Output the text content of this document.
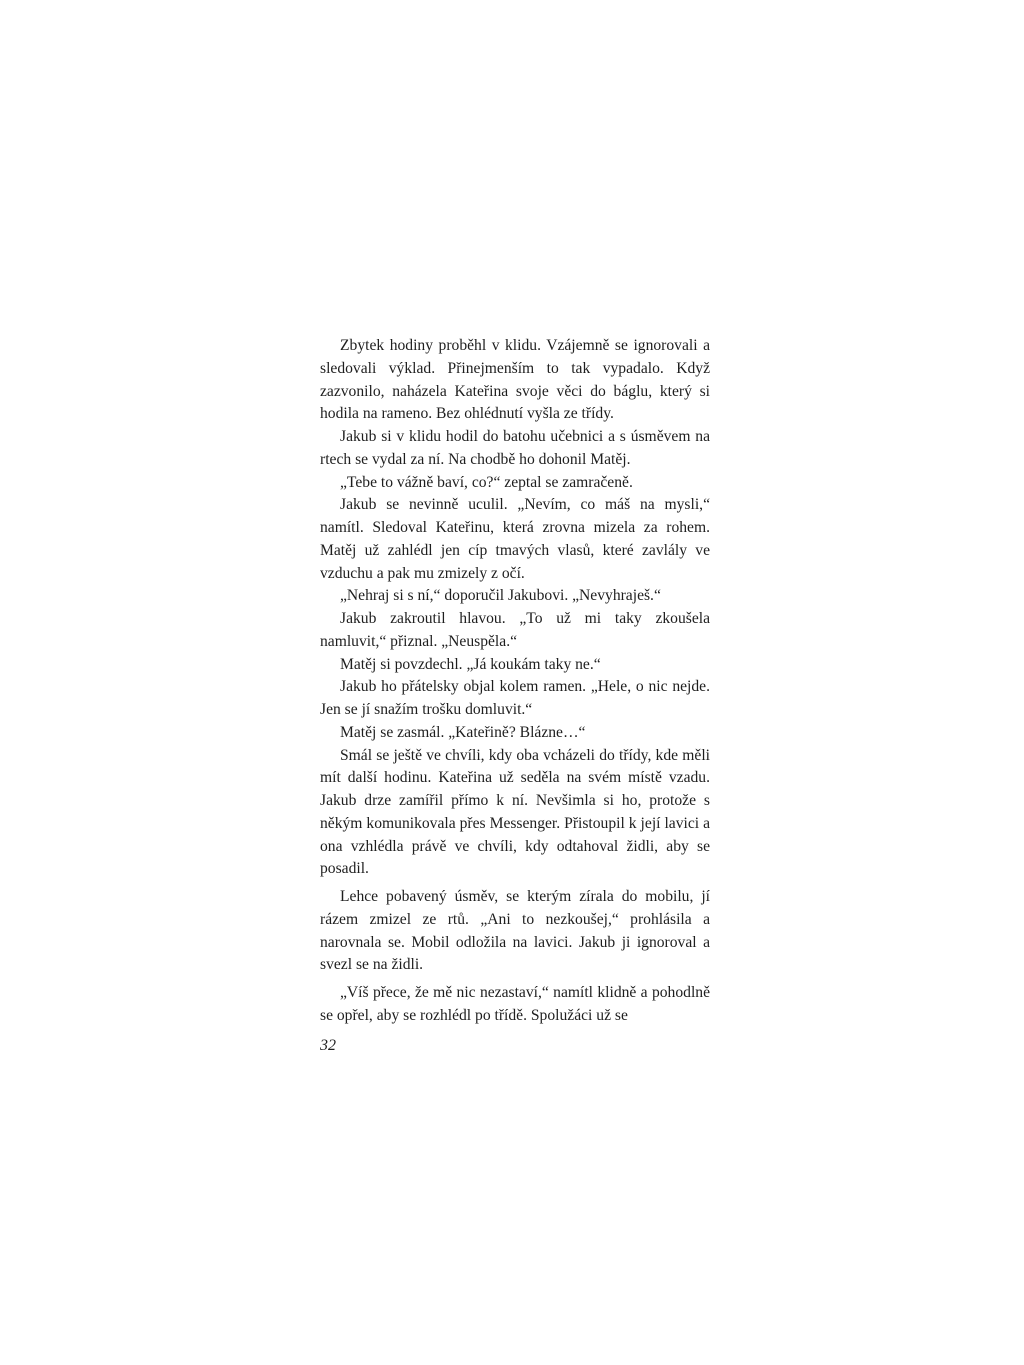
Zbytek hodiny proběhl v klidu. Vzájemně se ignorovali a sledovali výklad. Přinejmenším to tak vypadalo. Když zazvonilo, naházela Kateřina svoje věci do báglu, který si hodila na rameno. Bez ohlédnutí vyšla ze třídy.

Jakub si v klidu hodil do batohu učebnici a s úsměvem na rtech se vydal za ní. Na chodbě ho dohonil Matěj.

„Tebe to vážně baví, co?“ zeptal se zamračeně.

Jakub se nevinně uculil. „Nevím, co máš na mysli,“ namítl. Sledoval Kateřinu, která zrovna mizela za rohem. Matěj už zahlédl jen cíp tmavých vlasů, které zavlály ve vzduchu a pak mu zmizely z očí.

„Nehraj si s ní,“ doporučil Jakubovi. „Nevyhraješ.“

Jakub zakroutil hlavou. „To už mi taky zkoušela namluvit,“ přiznal. „Neuspěla.“

Matěj si povzdechl. „Já koukám taky ne.“

Jakub ho přátelsky objal kolem ramen. „Hele, o nic nejde. Jen se jí snažím trošku domluvit.“

Matěj se zasmál. „Kateřině? Blázne…“

Smál se ještě ve chvíli, kdy oba vcházeli do třídy, kde měli mít další hodinu. Kateřina už seděla na svém místě vzadu. Jakub drze zamířil přímo k ní. Nevšimla si ho, protože s někým komunikovala přes Messenger. Přistoupil k její lavici a ona vzhlédla právě ve chvíli, kdy odtahoval židli, aby se posadil.

Lehce pobavený úsměv, se kterým zírala do mobilu, jí rázem zmizel ze rtů. „Ani to nezkoušej,“ prohlásila a narovnala se. Mobil odložila na lavici. Jakub ji ignoroval a svezl se na židli.

„Víš přece, že mě nic nezastaví,“ namítl klidně a pohodlně se opřel, aby se rozhlédl po třídě. Spolužáci už se

32
